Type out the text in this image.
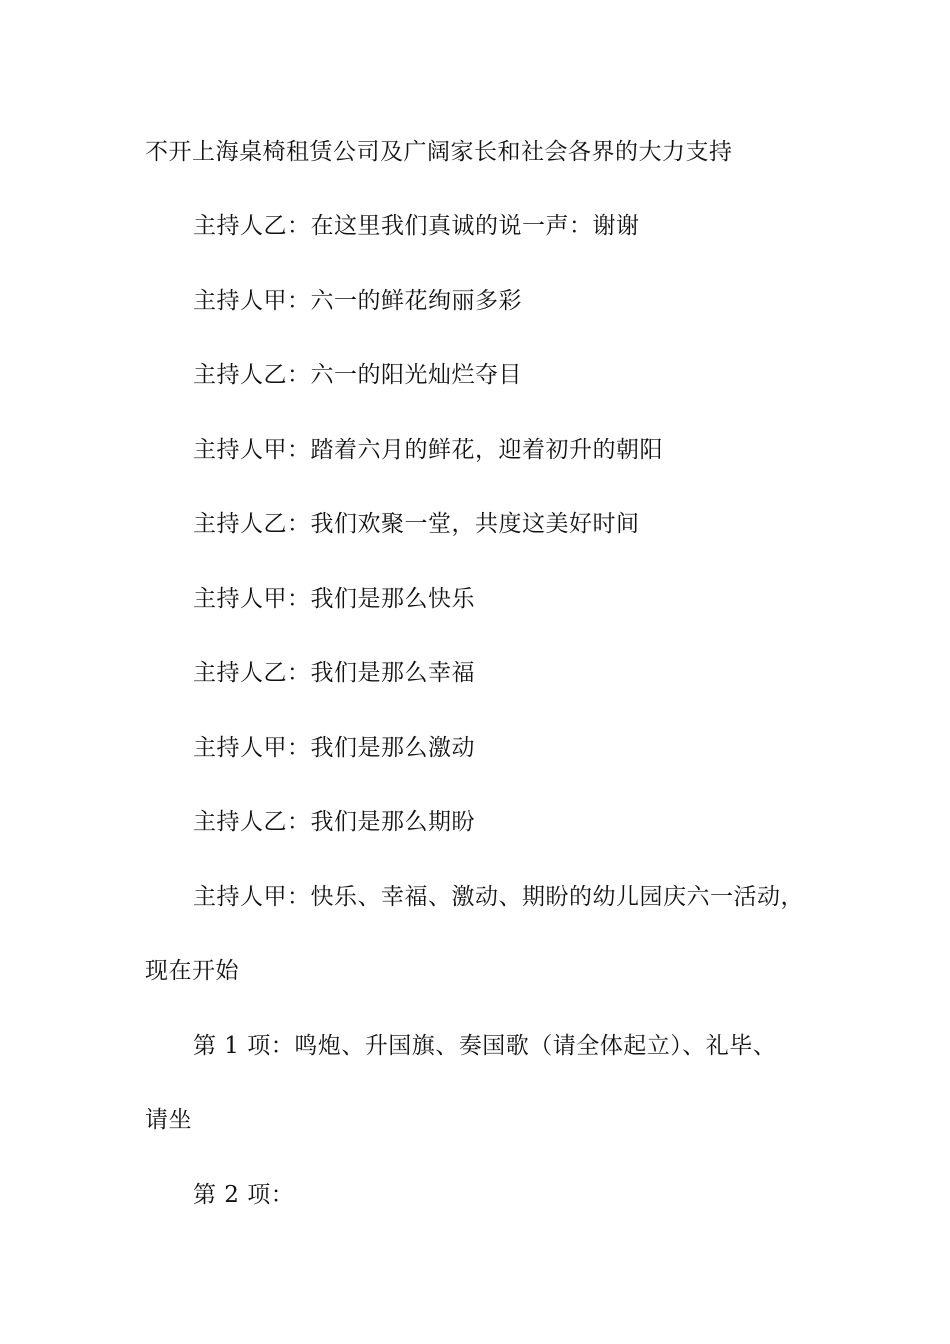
不开上海桌椅租赁公司及广阔家长和社会各界的大力支持
主持人乙：在这里我们真诚的说一声：谢谢
主持人甲：六一的鲜花绚丽多彩
主持人乙：六一的阳光灿烂夺目
主持人甲：踏着六月的鲜花，迎着初升的朝阳
主持人乙：我们欢聚一堂，共度这美好时间
主持人甲：我们是那么快乐
主持人乙：我们是那么幸福
主持人甲：我们是那么激动
主持人乙：我们是那么期盼
主持人甲：快乐、幸福、激动、期盼的幼儿园庆六一活动，
现在开始
第 1 项：鸣炮、升国旗、奏国歌（请全体起立）、礼毕、
请坐
第 2 项：
